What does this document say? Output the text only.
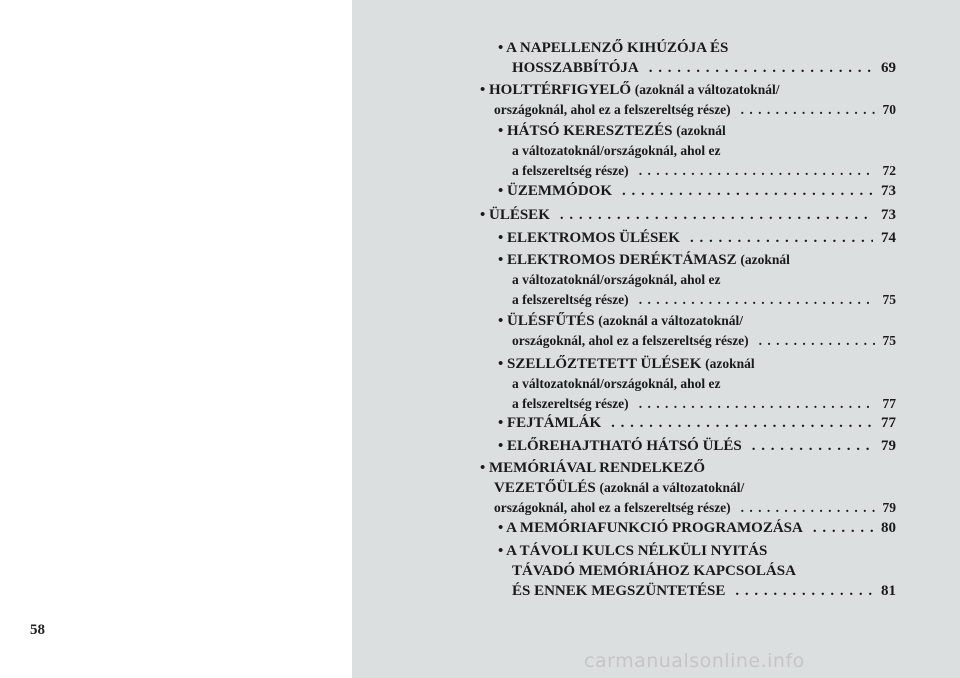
58
• A NAPELLENZŐ KIHÚZÓJA ÉS
HOSSZABBÍTÓJA . . .	69
• HOLTTÉRFIGYELŐ
(azoknál a változatoknál/
országoknál, ahol ez a felszereltség része) . . .	70
• HÁTSÓ KERESZTEZÉS
(azoknál
a változatoknál/országoknál, ahol ez
a felszereltség része) . . .	72
• ÜZEMMÓDOK . . .	73
• ÜLÉSEK . . .	73
• ELEKTROMOS ÜLÉSEK . . .	74
• ELEKTROMOS DERÉKTÁMASZ
(azoknál
a változatoknál/országoknál, ahol ez
a felszereltség része) . . .	75
• ÜLÉSFŰTÉS
(azoknál a változatoknál/
országoknál, ahol ez a felszereltség része) . . .	75
• SZELLŐZTETETT ÜLÉSEK
(azoknál
a változatoknál/országoknál, ahol ez
a felszereltség része) . . .	77
• FEJTÁMLÁK . . .	77
• ELŐREHAJTHATÓ HÁTSÓ ÜLÉS . . .	79
• MEMÓRIÁVAL RENDELKEZŐ
VEZETŐÜLÉS
(azoknál a változatoknál/
országoknál, ahol ez a felszereltség része) . . .	79
• A MEMÓRIAFUNKCIÓ PROGRAMOZÁSA . . .	80
• A TÁVOLI KULCS NÉLKÜLI NYITÁS
TÁVADÓ MEMÓRIÁHOZ KAPCSOLÁSA
ÉS ENNEK MEGSZÜNTETÉSE . . .	81
carmanualsonline.info
